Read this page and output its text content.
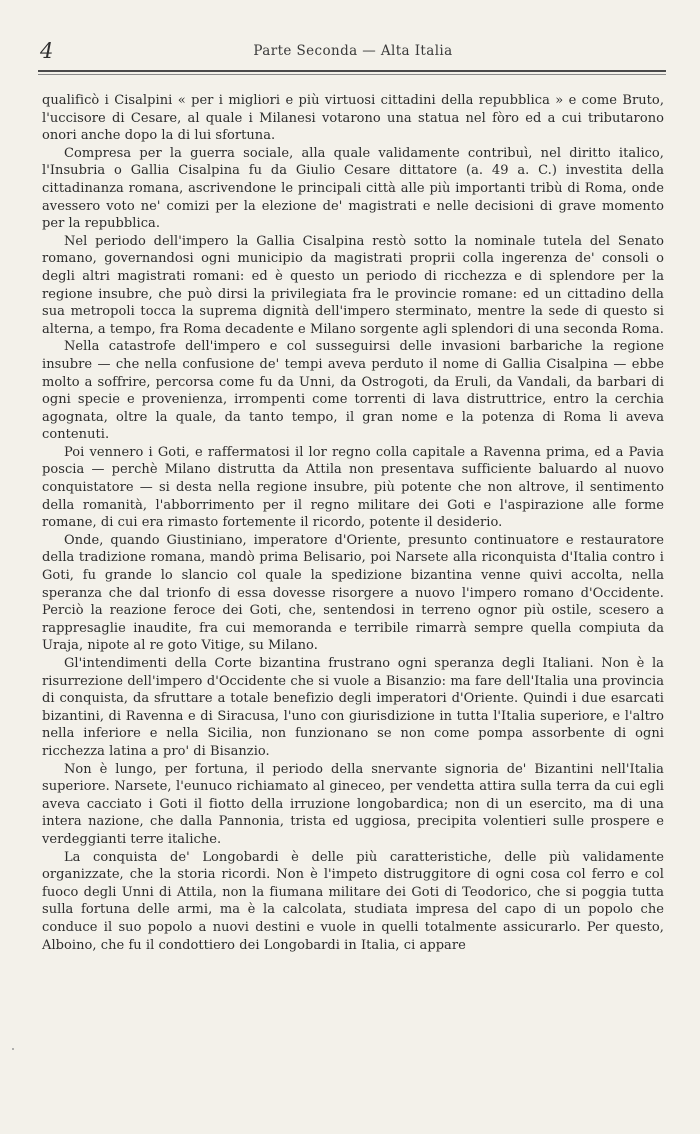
4	Parte Seconda — Alta Italia

qualificò i Cisalpini « per i migliori e più virtuosi cittadini della repubblica » e come Bruto, l'uccisore di Cesare, al quale i Milanesi votarono una statua nel fòro ed a cui tributarono onori anche dopo la di lui sfortuna.

Compresa per la guerra sociale, alla quale validamente contribuì, nel diritto italico, l'Insubria o Gallia Cisalpina fu da Giulio Cesare dittatore (a. 49 a. C.) investita della cittadinanza romana, ascrivendone le principali città alle più importanti tribù di Roma, onde avessero voto ne' comizi per la elezione de' magistrati e nelle decisioni di grave momento per la repubblica.

Nel periodo dell'impero la Gallia Cisalpina restò sotto la nominale tutela del Senato romano, governandosi ogni municipio da magistrati proprii colla ingerenza de' consoli o degli altri magistrati romani: ed è questo un periodo di ricchezza e di splendore per la regione insubre, che può dirsi la privilegiata fra le provincie romane: ed un cittadino della sua metropoli tocca la suprema dignità dell'impero sterminato, mentre la sede di questo si alterna, a tempo, fra Roma decadente e Milano sorgente agli splendori di una seconda Roma.

Nella catastrofe dell'impero e col susseguirsi delle invasioni barbariche la regione insubre — che nella confusione de' tempi aveva perduto il nome di Gallia Cisalpina — ebbe molto a soffrire, percorsa come fu da Unni, da Ostrogoti, da Eruli, da Vandali, da barbari di ogni specie e provenienza, irrompenti come torrenti di lava distruttrice, entro la cerchia agognata, oltre la quale, da tanto tempo, il gran nome e la potenza di Roma li aveva contenuti.

Poi vennero i Goti, e raffermatosi il lor regno colla capitale a Ravenna prima, ed a Pavia poscia — perchè Milano distrutta da Attila non presentava sufficiente baluardo al nuovo conquistatore — si desta nella regione insubre, più potente che non altrove, il sentimento della romanità, l'abborrimento per il regno militare dei Goti e l'aspirazione alle forme romane, di cui era rimasto fortemente il ricordo, potente il desiderio.

Onde, quando Giustiniano, imperatore d'Oriente, presunto continuatore e restauratore della tradizione romana, mandò prima Belisario, poi Narsete alla riconquista d'Italia contro i Goti, fu grande lo slancio col quale la spedizione bizantina venne quivi accolta, nella speranza che dal trionfo di essa dovesse risorgere a nuovo l'impero romano d'Occidente. Perciò la reazione feroce dei Goti, che, sentendosi in terreno ognor più ostile, scesero a rappresaglie inaudite, fra cui memoranda e terribile rimarrà sempre quella compiuta da Uraja, nipote al re goto Vitige, su Milano.

Gl'intendimenti della Corte bizantina frustrano ogni speranza degli Italiani. Non è la risurrezione dell'impero d'Occidente che si vuole a Bisanzio: ma fare dell'Italia una provincia di conquista, da sfruttare a totale benefizio degli imperatori d'Oriente. Quindi i due esarcati bizantini, di Ravenna e di Siracusa, l'uno con giurisdizione in tutta l'Italia superiore, e l'altro nella inferiore e nella Sicilia, non funzionano se non come pompa assorbente di ogni ricchezza latina a pro' di Bisanzio.

Non è lungo, per fortuna, il periodo della snervante signoria de' Bizantini nell'Italia superiore. Narsete, l'eunuco richiamato al gineceo, per vendetta attira sulla terra da cui egli aveva cacciato i Goti il fiotto della irruzione longobardica; non di un esercito, ma di una intera nazione, che dalla Pannonia, trista ed uggiosa, precipita volentieri sulle prospere e verdeggianti terre italiche.

La conquista de' Longobardi è delle più caratteristiche, delle più validamente organizzate, che la storia ricordi. Non è l'impeto distruggitore di ogni cosa col ferro e col fuoco degli Unni di Attila, non la fiumana militare dei Goti di Teodorico, che si poggia tutta sulla fortuna delle armi, ma è la calcolata, studiata impresa del capo di un popolo che conduce il suo popolo a nuovi destini e vuole in quelli totalmente assicurarlo. Per questo, Alboino, che fu il condottiero dei Longobardi in Italia, ci appare
